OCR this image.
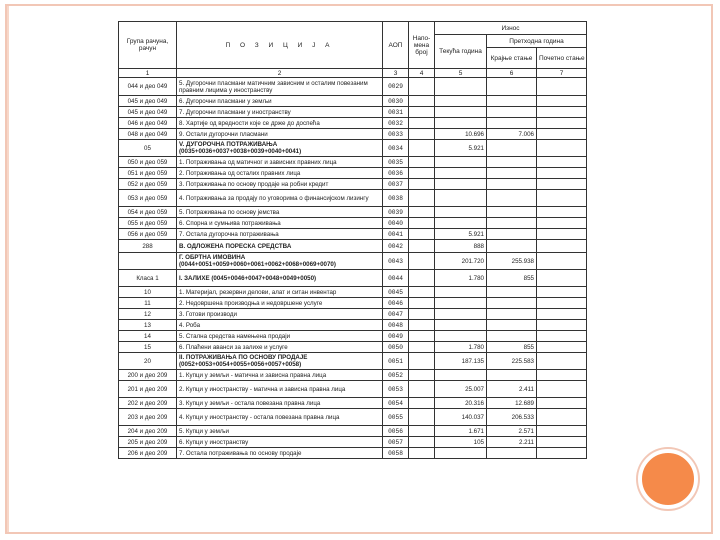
Група рачуна, рачун	П О З И Ц И Ј А	АОП	Напо-мена број	Износ		
				Текућа година	Претходна година	
					Крајње стање	Почетно стање
1	2	3	4	5	6	7
044 и део 049	5. Дугорочни пласмани матичним зависним и осталим повезаним правним лицима у иностранству	0029				
045 и део 049	6. Дугорочни пласмани у земљи	0030				
045 и део 049	7. Дугорочни пласмани у иностранству	0031				
046 и део 049	8. Хартије од вредности које се држе до доспећа	0032				
048 и део 049	9. Остали дугорочни пласмани	0033		10.696	7.006	
05	V. ДУГОРОЧНА ПОТРАЖИВАЊА (0035+0036+0037+0038+0039+0040+0041)	0034		5.921		
050 и део 059	1. Потраживања од матичног и зависних правних лица	0035				
051 и део 059	2. Потраживања од осталих правних лица	0036				
052 и део 059	3. Потраживања по основу продаје на робни кредит	0037				
053 и део 059	4. Потраживања за продају по уговорима о финансијском лизингу	0038				
054 и део 059	5. Потраживања по основу јемства	0039				
055 и део 059	6. Спорна и сумњива потраживања	0040				
056 и део 059	7. Остала дугорочна потраживања	0041		5.921		
288	В. ОДЛОЖЕНА ПОРЕСКА СРЕДСТВА	0042		888		
	Г. ОБРТНА ИМОВИНА (0044+0051+0059+0060+0061+0062+0068+0069+0070)	0043		201.720	255.938	
Класа 1	I. ЗАЛИХЕ (0045+0046+0047+0048+0049+0050)	0044		1.780	855	
10	1. Материјал, резервни делови, алат и ситан инвентар	0045				
11	2. Недовршена производња и недовршене услуге	0046				
12	3. Готови производи	0047				
13	4. Роба	0048				
14	5. Стална средства намењена продаји	0049				
15	6. Плаћени аванси за залихе и услуге	0050		1.780	855	
20	II. ПОТРАЖИВАЊА ПО ОСНОВУ ПРОДАЈЕ (0052+0053+0054+0055+0056+0057+0058)	0051		187.135	225.583	
200 и део 209	1. Купци у земљи - матична и зависна правна лица	0052				
201 и део 209	2. Купци у иностранству - матична и зависна правна лица	0053		25.007	2.411	
202 и део 209	3. Купци у земљи - остала повезана правна лица	0054		20.316	12.689	
203 и део 209	4. Купци у иностранству - остала повезана правна лица	0055		140.037	206.533	
204 и део 209	5. Купци у земљи	0056		1.671	2.571	
205 и део 209	6. Купци у иностранству	0057		105	2.211	
206 и део 209	7. Остала потраживања по основу продаје	0058				
